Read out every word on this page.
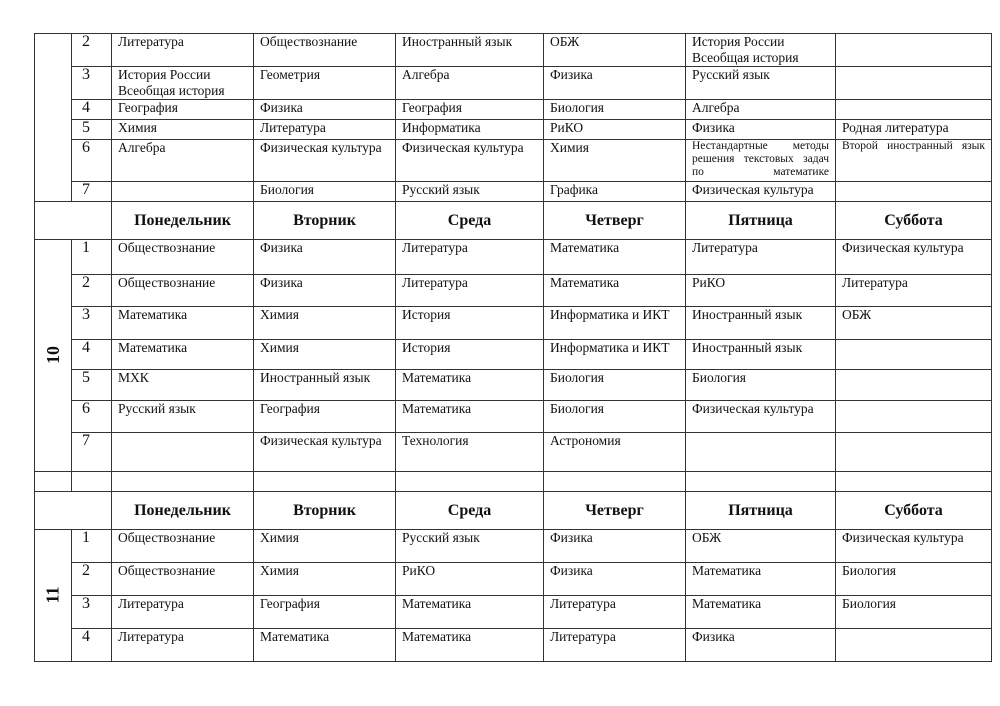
	2	Литература	Обществознание	Иностранный язык	ОБЖ	История России Всеобщая история	
	3	История России Всеобщая история	Геометрия	Алгебра	Физика	Русский язык	
	4	География	Физика	География	Биология	Алгебра	
	5	Химия	Литература	Информатика	РиКО	Физика	Родная литература
	6	Алгебра	Физическая культура	Физическая культура	Химия	Нестандартные методы решения текстовых задач по математике	Второй иностранный язык
	7		Биология	Русский язык	Графика	Физическая культура	
		Понедельник	Вторник	Среда	Четверг	Пятница	Суббота
10	1	Обществознание	Физика	Литература	Математика	Литература	Физическая культура
	2	Обществознание	Физика	Литература	Математика	РиКО	Литература
	3	Математика	Химия	История	Информатика и ИКТ	Иностранный язык	ОБЖ
	4	Математика	Химия	История	Информатика и ИКТ	Иностранный язык	
	5	МХК	Иностранный язык	Математика	Биология	Биология	
	6	Русский язык	География	Математика	Биология	Физическая культура	
	7		Физическая культура	Технология	Астрономия		

		Понедельник	Вторник	Среда	Четверг	Пятница	Суббота
11	1	Обществознание	Химия	Русский язык	Физика	ОБЖ	Физическая культура
	2	Обществознание	Химия	РиКО	Физика	Математика	Биология
	3	Литература	География	Математика	Литература	Математика	Биология
	4	Литература	Математика	Математика	Литература	Физика	
